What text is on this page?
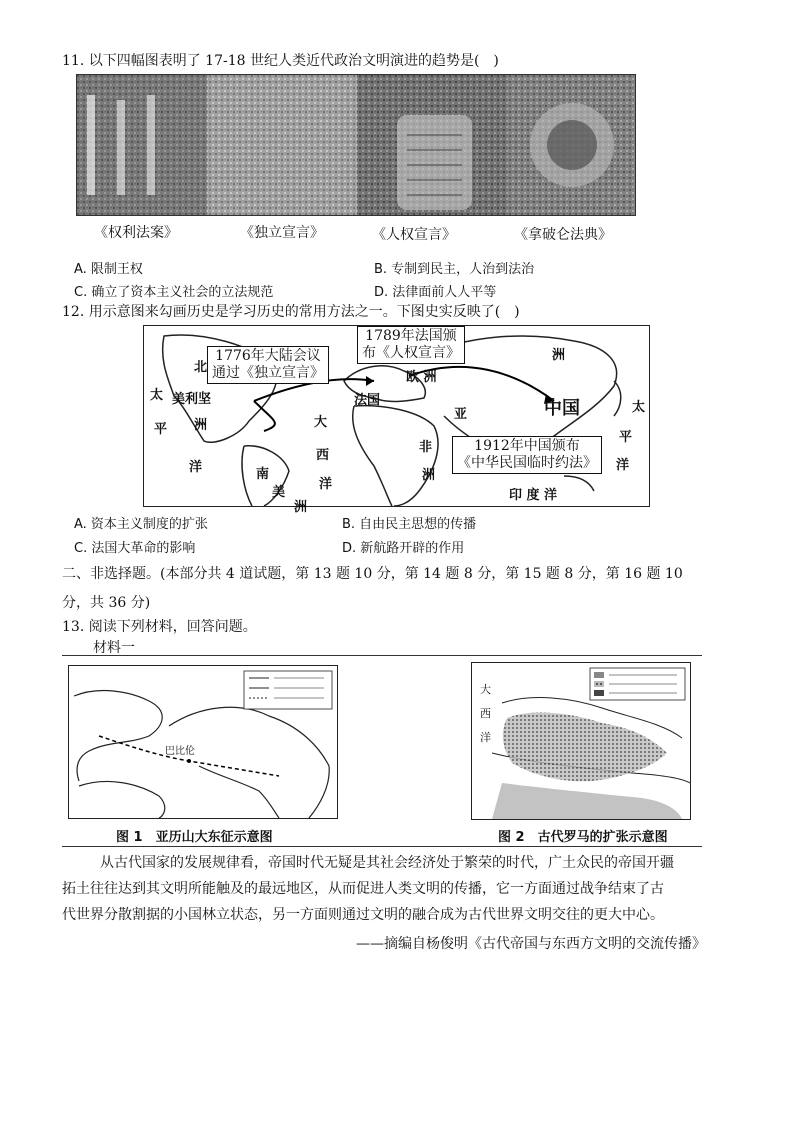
11. 以下四幅图表明了 17-18 世纪人类近代政治文明演进的趋势是(　)
《权利法案》	《独立宣言》	《人权宣言》	《拿破仑法典》
A. 限制王权	B. 专制到民主，人治到法治
C. 确立了资本主义社会的立法规范	D. 法律面前人人平等
12. 用示意图来勾画历史是学习历史的常用方法之一。下图史实反映了(　)
1776年大陆会议
通过《独立宣言》
1789年法国颁
布《人权宣言》
1912年中国颁布
《中华民国临时约法》
北
太 美利坚
洲
平
洋
大
西
洋
南
美
洲
法国
欧 洲
亚
非
洲
中国
洲
太
平
洋
印 度 洋
A. 资本主义制度的扩张	B. 自由民主思想的传播
C. 法国大革命的影响	D. 新航路开辟的作用
二、非选择题。(本部分共 4 道试题，第 13 题 10 分，第 14 题 8 分，第 15 题 8 分，第 16 题 10
分，共 36 分)
13. 阅读下列材料，回答问题。
材料一
巴比伦
图 1　亚历山大东征示意图
大
西
洋
图 2　古代罗马的扩张示意图
从古代国家的发展规律看，帝国时代无疑是其社会经济处于繁荣的时代，广土众民的帝国开疆
拓土往往达到其文明所能触及的最远地区，从而促进人类文明的传播，它一方面通过战争结束了古
代世界分散割据的小国林立状态，另一方面则通过文明的融合成为古代世界文明交往的更大中心。
——摘编自杨俊明《古代帝国与东西方文明的交流传播》
